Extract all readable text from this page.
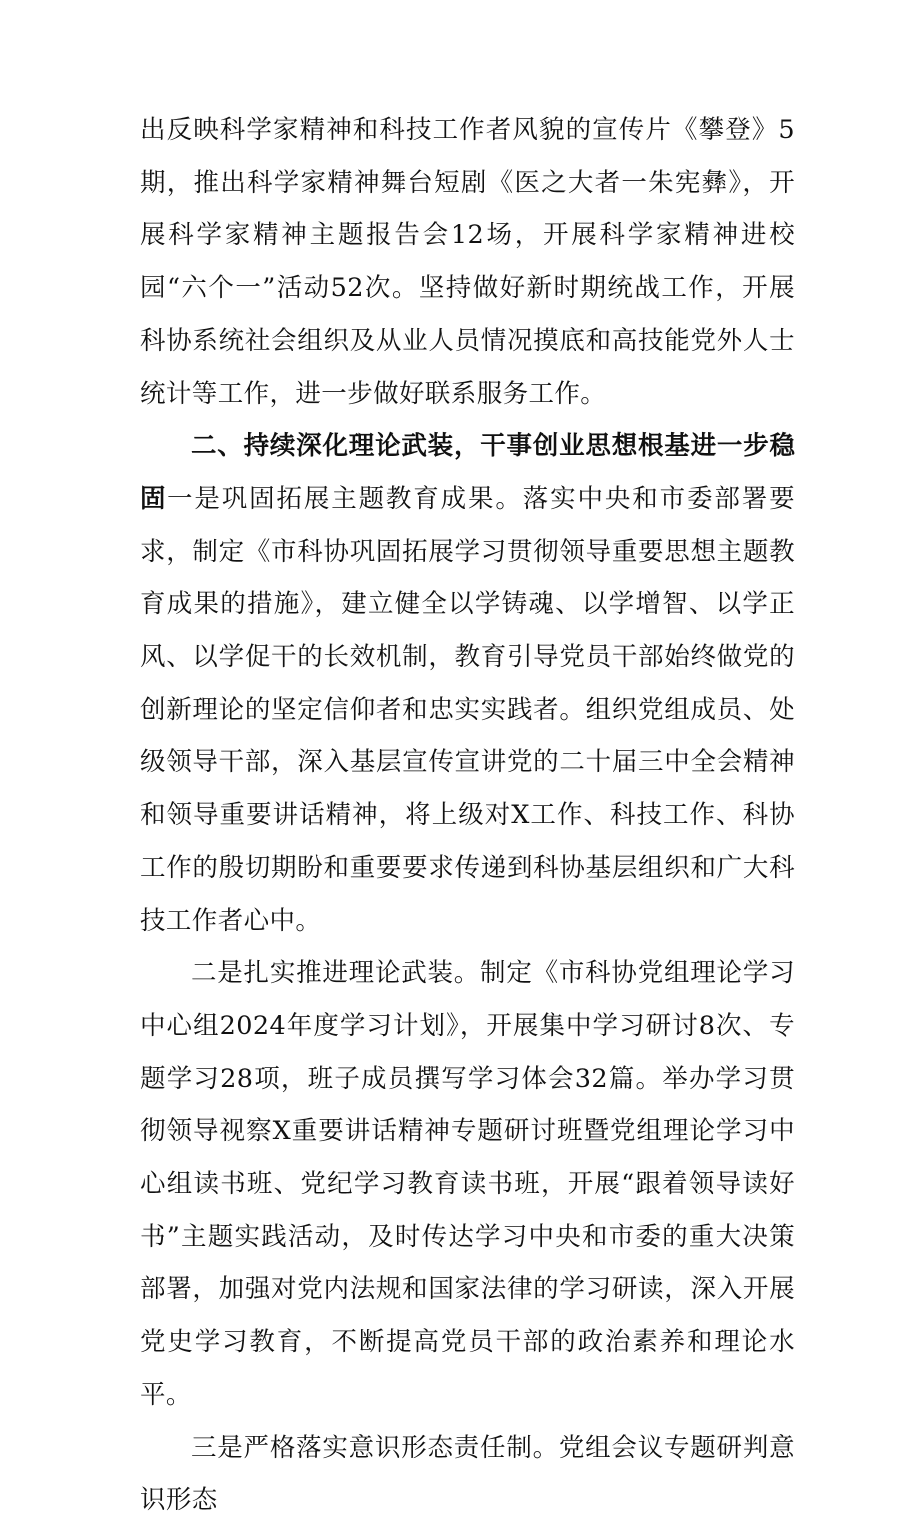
出反映科学家精神和科技工作者风貌的宣传片《攀登》5期，推出科学家精神舞台短剧《医之大者一朱宪彝》，开展科学家精神主题报告会12场，开展科学家精神进校园“六个一”活动52次。坚持做好新时期统战工作，开展科协系统社会组织及从业人员情况摸底和高技能党外人士统计等工作，进一步做好联系服务工作。

二、持续深化理论武装，干事创业思想根基进一步稳固一是巩固拓展主题教育成果。落实中央和市委部署要求，制定《市科协巩固拓展学习贯彻领导重要思想主题教育成果的措施》，建立健全以学铸魂、以学增智、以学正风、以学促干的长效机制，教育引导党员干部始终做党的创新理论的坚定信仰者和忠实实践者。组织党组成员、处级领导干部，深入基层宣传宣讲党的二十届三中全会精神和领导重要讲话精神，将上级对X工作、科技工作、科协工作的殷切期盼和重要要求传递到科协基层组织和广大科技工作者心中。

二是扎实推进理论武装。制定《市科协党组理论学习中心组2024年度学习计划》，开展集中学习研讨8次、专题学习28项，班子成员撰写学习体会32篇。举办学习贯彻领导视察X重要讲话精神专题研讨班暨党组理论学习中心组读书班、党纪学习教育读书班，开展“跟着领导读好书”主题实践活动，及时传达学习中央和市委的重大决策部署，加强对党内法规和国家法律的学习研读，深入开展党史学习教育，不断提高党员干部的政治素养和理论水平。

三是严格落实意识形态责任制。党组会议专题研判意识形态
